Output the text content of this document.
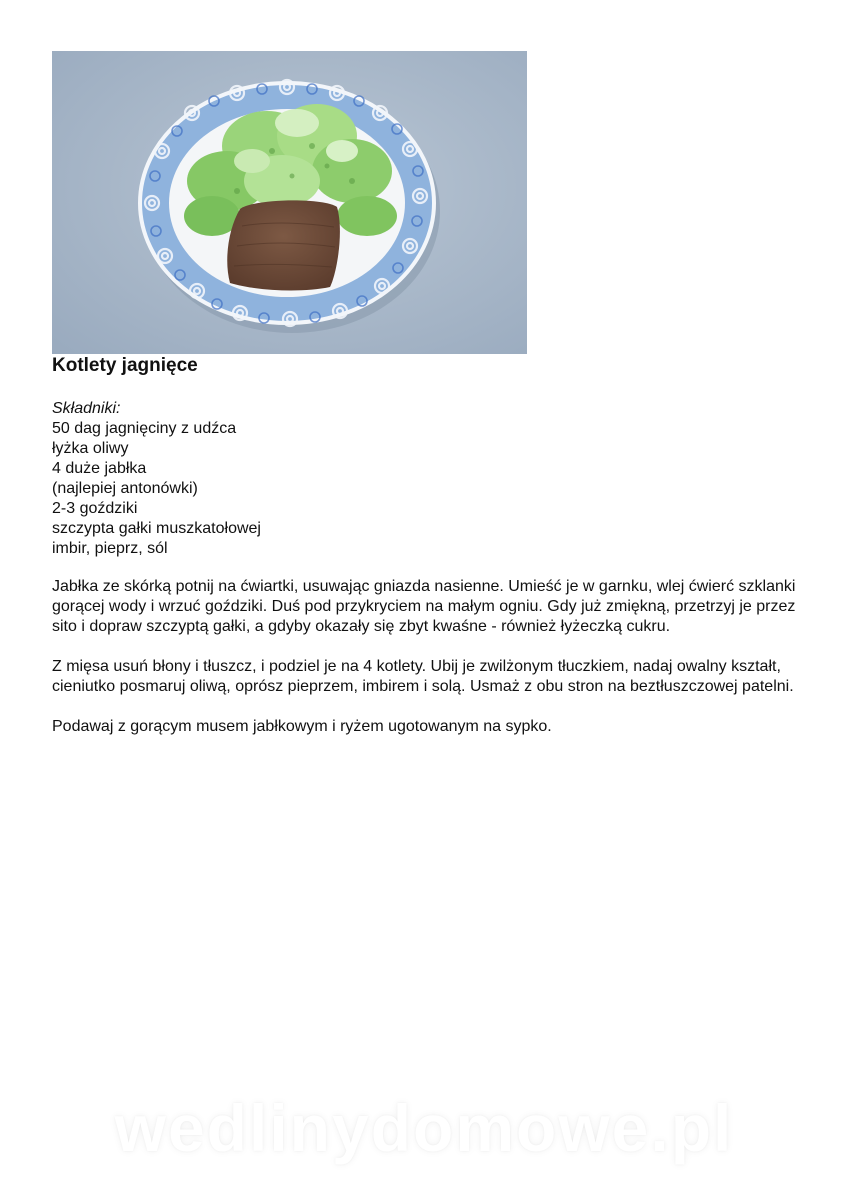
Kotlety jagnięce
Składniki:
50 dag jagnięciny z udźca
łyżka oliwy
4 duże jabłka
(najlepiej antonówki)
2-3 goździki
szczypta gałki muszkatołowej
imbir, pieprz, sól

Jabłka ze skórką potnij na ćwiartki, usuwając gniazda nasienne. Umieść je w garnku, wlej ćwierć szklanki gorącej wody i wrzuć goździki. Duś pod przykryciem na małym ogniu. Gdy już zmiękną, przetrzyj je przez sito i dopraw szczyptą gałki, a gdyby okazały się zbyt kwaśne - również łyżeczką cukru.

Z mięsa usuń błony i tłuszcz, i podziel je na 4 kotlety. Ubij je zwilżonym tłuczkiem, nadaj owalny kształt, cieniutko posmaruj oliwą, oprósz pieprzem, imbirem i solą. Usmaż z obu stron na beztłuszczowej patelni.

Podawaj z gorącym musem jabłkowym i ryżem ugotowanym na sypko.

wedlinydomowe.pl
